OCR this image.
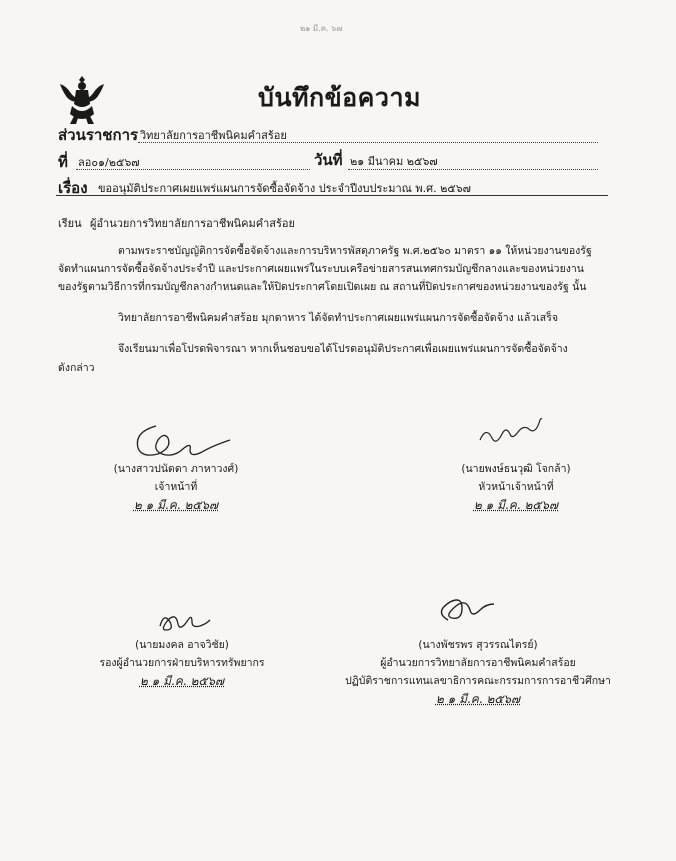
๒๑ มี.ค. ๖๗
บันทึกข้อความ
ส่วนราชการ วิทยาลัยการอาชีพนิคมคำสร้อย
ที่ ลอ๐๑/๒๕๖๗	วันที่ ๒๑ มีนาคม ๒๕๖๗
เรื่อง ขออนุมัติประกาศเผยแพร่แผนการจัดซื้อจัดจ้าง ประจำปีงบประมาณ พ.ศ. ๒๕๖๗
เรียน ผู้อำนวยการวิทยาลัยการอาชีพนิคมคำสร้อย
ตามพระราชบัญญัติการจัดซื้อจัดจ้างและการบริหารพัสดุภาครัฐ พ.ศ.๒๕๖๐ มาตรา ๑๑ ให้หน่วยงานของรัฐ
จัดทำแผนการจัดซื้อจัดจ้างประจำปี และประกาศเผยแพร่ในระบบเครือข่ายสารสนเทศกรมบัญชีกลางและของหน่วยงาน
ของรัฐตามวิธีการที่กรมบัญชีกลางกำหนดและให้ปิดประกาศโดยเปิดเผย ณ สถานที่ปิดประกาศของหน่วยงานของรัฐ นั้น
วิทยาลัยการอาชีพนิคมคำสร้อย มุกดาหาร ได้จัดทำประกาศเผยแพร่แผนการจัดซื้อจัดจ้าง แล้วเสร็จ
จึงเรียนมาเพื่อโปรดพิจารณา หากเห็นชอบขอได้โปรดอนุมัติประกาศเพื่อเผยแพร่แผนการจัดซื้อจัดจ้าง
ดังกล่าว
(นางสาวปนัดดา ภาหาวงศ์)
เจ้าหน้าที่
๒ ๑ มี.ค. ๒๕๖๗
(นายพงษ์ธนวุฒิ โจกล้า)
หัวหน้าเจ้าหน้าที่
๒ ๑ มี.ค. ๒๕๖๗
(นายมงคล อาจวิชัย)
รองผู้อำนวยการฝ่ายบริหารทรัพยากร
๒ ๑ มี.ค. ๒๕๖๗
(นางพัชรพร สุวรรณไตรย์)
ผู้อำนวยการวิทยาลัยการอาชีพนิคมคำสร้อย
ปฏิบัติราชการแทนเลขาธิการคณะกรรมการการอาชีวศึกษา
๒ ๑ มี.ค. ๒๕๖๗
